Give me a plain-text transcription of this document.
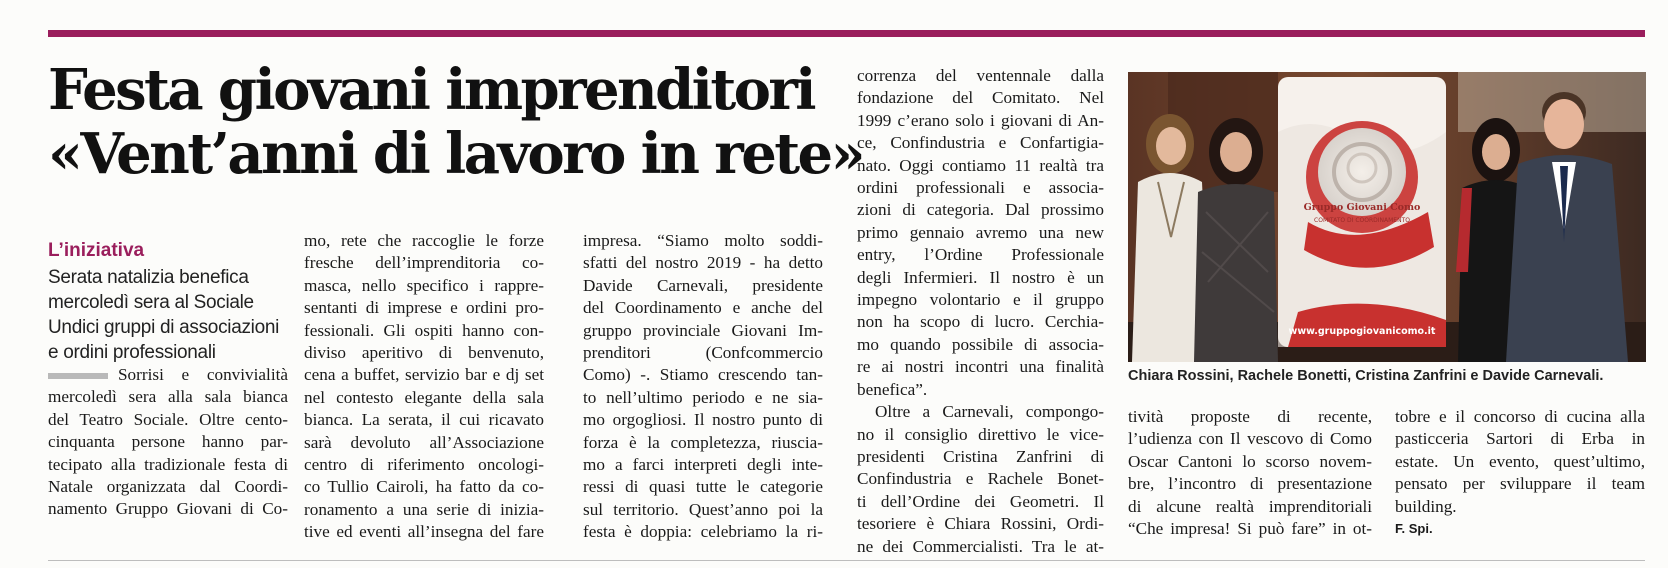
Festa giovani imprenditori
«Vent’anni di lavoro in rete»
L’iniziativa
Serata natalizia benefica
mercoledì sera al Sociale
Undici gruppi di associazioni
e ordini professionali
Sorrisi e convivialità
mercoledì sera alla sala bianca
del Teatro Sociale. Oltre cento-
cinquanta persone hanno par-
tecipato alla tradizionale festa di
Natale organizzata dal Coordi-
namento Gruppo Giovani di Co-
mo, rete che raccoglie le forze
fresche dell’imprenditoria co-
masca, nello specifico i rappre-
sentanti di imprese e ordini pro-
fessionali. Gli ospiti hanno con-
diviso aperitivo di benvenuto,
cena a buffet, servizio bar e dj set
nel contesto elegante della sala
bianca. La serata, il cui ricavato
sarà devoluto all’Associazione
centro di riferimento oncologi-
co Tullio Cairoli, ha fatto da co-
ronamento a una serie di inizia-
tive ed eventi all’insegna del fare
impresa. “Siamo molto soddi-
sfatti del nostro 2019 - ha detto
Davide Carnevali, presidente
del Coordinamento e anche del
gruppo provinciale Giovani Im-
prenditori (Confcommercio
Como) -. Stiamo crescendo tan-
to nell’ultimo periodo e ne sia-
mo orgogliosi. Il nostro punto di
forza è la completezza, riuscia-
mo a farci interpreti degli inte-
ressi di quasi tutte le categorie
sul territorio. Quest’anno poi la
festa è doppia: celebriamo la ri-
correnza del ventennale dalla
fondazione del Comitato. Nel
1999 c’erano solo i giovani di An-
ce, Confindustria e Confartigia-
nato. Oggi contiamo 11 realtà tra
ordini professionali e associa-
zioni di categoria. Dal prossimo
primo gennaio avremo una new
entry, l’Ordine Professionale
degli Infermieri. Il nostro è un
impegno volontario e il gruppo
non ha scopo di lucro. Cerchia-
mo quando possibile di associa-
re ai nostri incontri una finalità
benefica”.
Oltre a Carnevali, compongo-
no il consiglio direttivo le vice-
presidenti Cristina Zanfrini di
Confindustria e Rachele Bonet-
ti dell’Ordine dei Geometri. Il
tesoriere è Chiara Rossini, Ordi-
ne dei Commercialisti. Tra le at-
Gruppo Giovani Como
COMITATO DI COORDINAMENTO
www.gruppogiovanicomo.it
Chiara Rossini, Rachele Bonetti, Cristina Zanfrini e Davide Carnevali.
tività proposte di recente,
l’udienza con Il vescovo di Como
Oscar Cantoni lo scorso novem-
bre, l’incontro di presentazione
di alcune realtà imprenditoriali
“Che impresa! Si può fare” in ot-
tobre e il concorso di cucina alla
pasticceria Sartori di Erba in
estate. Un evento, quest’ultimo,
pensato per sviluppare il team
building.
F. Spi.
